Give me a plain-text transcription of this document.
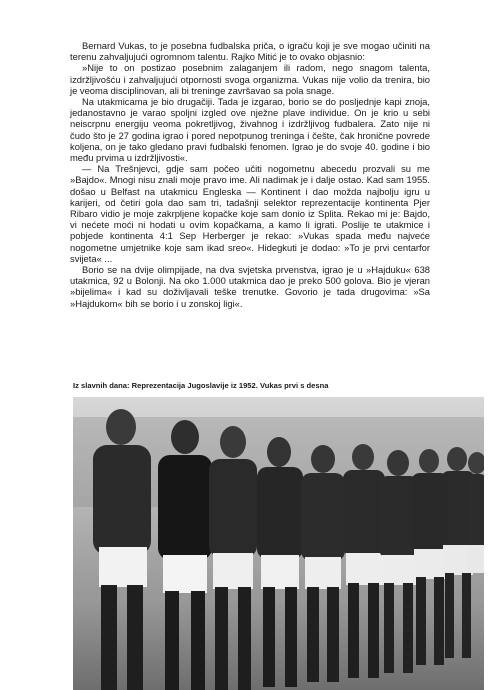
Bernard Vukas, to je posebna fudbalska priča, o igraču koji je sve mogao učiniti na terenu zahvaljujući ogromnom talentu. Rajko Mitić je to ovako objasnio:

»Nije to on postizao posebnim zalaganjem ili radom, nego snagom talenta, izdržljivošću i zahvaljujući otpornosti svoga organizma. Vukas nije volio da trenira, bio je veoma disciplinovan, ali bi treninge završavao sa pola snage.

Na utakmicama je bio drugačiji. Tada je izgarao, borio se do posljednje kapi znoja, jedanostavno je varao spoljni izgled ove nježne plave individue. On je krio u sebi neiscrpnu energiju veoma pokretljivog, živahnog i izdržljivog fudbalera. Zato nije ni čudo što je 27 godina igrao i pored nepotpunog treninga i češte, čak hronične povrede koljena, on je tako gledano pravi fudbalski fenomen. Igrao je do svoje 40. godine i bio među prvima u izdržljivosti«.

— Na Trešnjevci, gdje sam počeo učiti nogometnu abecedu prozvali su me »Bajdo«. Mnogi nisu znali moje pravo ime. Ali nadimak je i dalje ostao. Kad sam 1955. došao u Belfast na utakmicu Engleska — Kontinent i dao možda najbolju igru u karijeri, od četiri gola dao sam tri, tadašnji selektor reprezentacije kontinenta Pjer Ribaro vidio je moje zakrpljene kopačke koje sam donio iz Splita. Rekao mi je: Bajdo, vi nećete moći ni hodati u ovim kopačkama, a kamo li igrati. Poslije te utakmice i pobjede kontinenta 4:1 Sep Herberger je rekao: »Vukas spada među najveće nogometne umjetnike koje sam ikad sreo«. Hidegkuti je dodao: »To je prvi centarfor svijeta« ...

Borio se na dvije olimpijade, na dva svjetska prvenstva, igrao je u »Hajduku« 638 utakmica, 92 u Bolonji. Na oko 1.000 utakmica dao je preko 500 golova. Bio je vjeran »bijelima« i kad su doživljavali teške trenutke. Govorio je tada drugovima: »Sa »Hajdukom« bih se borio i u zonskoj ligi«.

Iz slavnih dana: Reprezentacija Jugoslavije iz 1952. Vukas prvi s desna
